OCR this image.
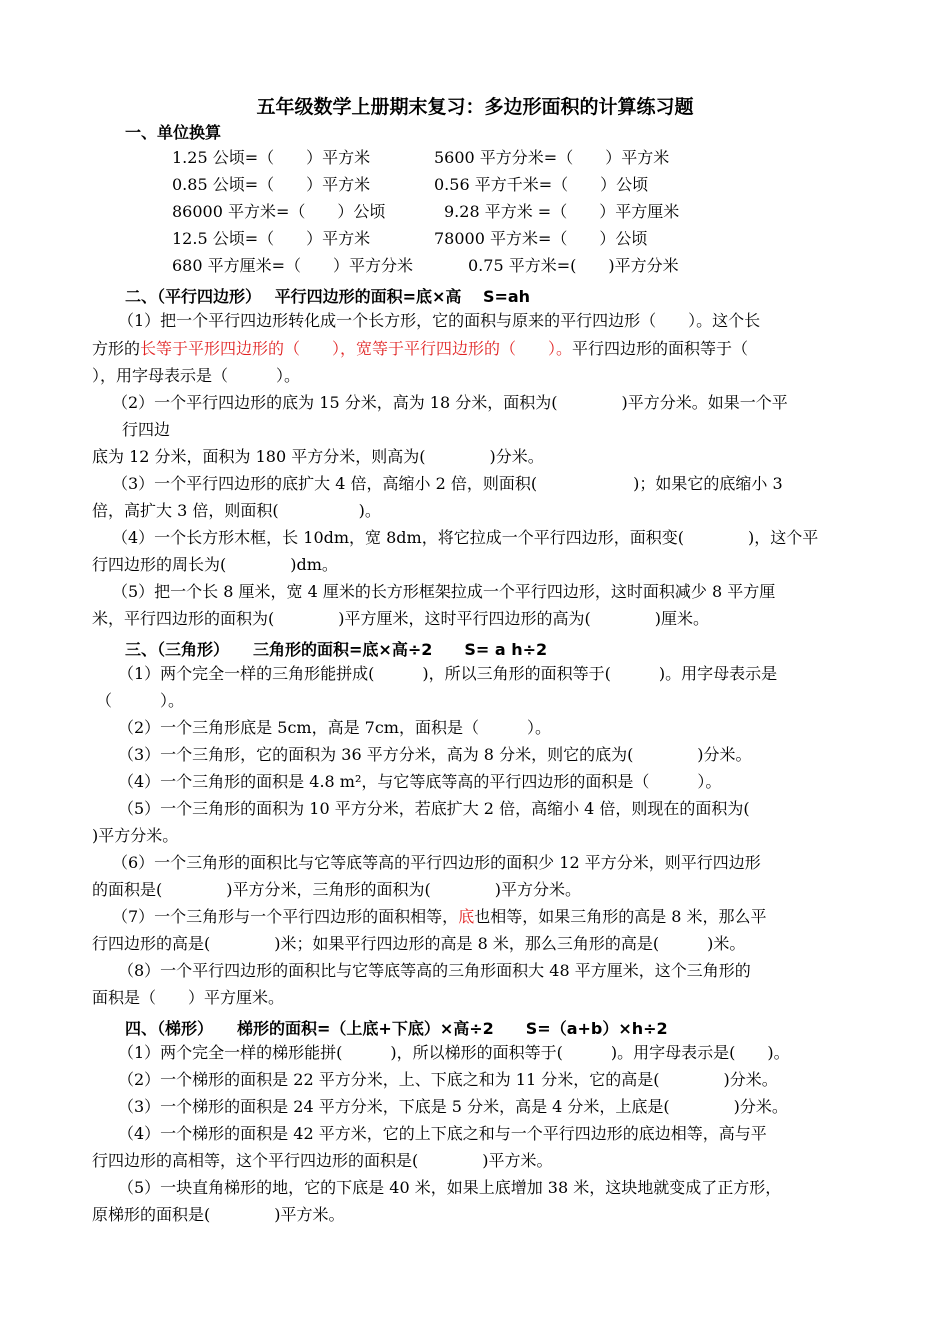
五年级数学上册期末复习：多边形面积的计算练习题
一、单位换算
1.25 公顷=（　　）平方米	5600 平方分米=（　　）平方米
0.85 公顷=（　　）平方米	0.56 平方千米=（　　）公顷
86000 平方米=（　　）公顷	9.28 平方米 =（　　）平方厘米
12.5 公顷=（　　）平方米	78000 平方米=（　　）公顷
680 平方厘米=（　　）平方分米	0.75 平方米=(　　)平方分米
二、（平行四边形）　 平行四边形的面积=底×高　 S=ah
（1）把一个平行四边形转化成一个长方形，它的面积与原来的平行四边形（　　）。这个长
方形的长等于平形四边形的（　　），宽等于平行四边形的（　　）。平行四边形的面积等于（
），用字母表示是（　　　）。
（2）一个平行四边形的底为 15 分米，高为 18 分米，面积为(　　　　)平方分米。如果一个平
行四边
底为 12 分米，面积为 180 平方分米，则高为(　　　　)分米。
（3）一个平行四边形的底扩大 4 倍，高缩小 2 倍，则面积(　　　　　　)；如果它的底缩小 3
倍，高扩大 3 倍，则面积(　　　　　)。
（4）一个长方形木框，长 10dm，宽 8dm，将它拉成一个平行四边形，面积变(　　　　)，这个平
行四边形的周长为(　　　　)dm。
（5）把一个长 8 厘米，宽 4 厘米的长方形框架拉成一个平行四边形，这时面积减少 8 平方厘
米，平行四边形的面积为(　　　　)平方厘米，这时平行四边形的高为(　　　　)厘米。
三、（三角形）　　三角形的面积=底×高÷2　　S= a h÷2
（1）两个完全一样的三角形能拼成(　　　)，所以三角形的面积等于(　　　)。用字母表示是
（　　　）。
（2）一个三角形底是 5cm，高是 7cm，面积是（　　　）。
（3）一个三角形，它的面积为 36 平方分米，高为 8 分米，则它的底为(　　　　)分米。
（4）一个三角形的面积是 4.8 m²，与它等底等高的平行四边形的面积是（　　　）。
（5）一个三角形的面积为 10 平方分米，若底扩大 2 倍，高缩小 4 倍，则现在的面积为(
)平方分米。
（6）一个三角形的面积比与它等底等高的平行四边形的面积少 12 平方分米，则平行四边形
的面积是(　　　　)平方分米，三角形的面积为(　　　　)平方分米。
（7）一个三角形与一个平行四边形的面积相等，底也相等，如果三角形的高是 8 米，那么平
行四边形的高是(　　　　)米；如果平行四边形的高是 8 米，那么三角形的高是(　　　)米。
（8）一个平行四边形的面积比与它等底等高的三角形面积大 48 平方厘米，这个三角形的
面积是（　　）平方厘米。
四、（梯形）　　梯形的面积=（上底+下底）×高÷2　　S=（a+b）×h÷2
（1）两个完全一样的梯形能拼(　　　)，所以梯形的面积等于(　　　)。用字母表示是(　　)。
（2）一个梯形的面积是 22 平方分米，上、下底之和为 11 分米，它的高是(　　　　)分米。
（3）一个梯形的面积是 24 平方分米，下底是 5 分米，高是 4 分米，上底是(　　　　)分米。
（4）一个梯形的面积是 42 平方米，它的上下底之和与一个平行四边形的底边相等，高与平
行四边形的高相等，这个平行四边形的面积是(　　　　)平方米。
（5）一块直角梯形的地，它的下底是 40 米，如果上底增加 38 米，这块地就变成了正方形，
原梯形的面积是(　　　　)平方米。
